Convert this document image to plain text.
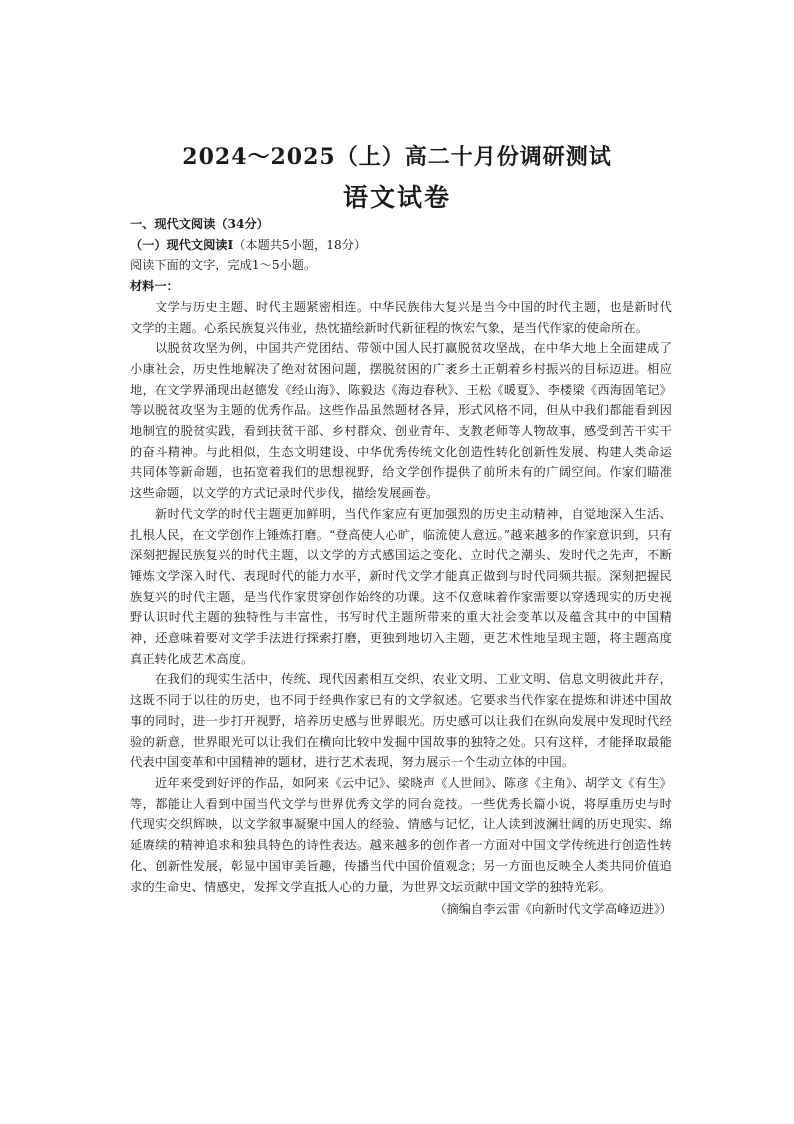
2024～2025（上）高二十月份调研测试
语文试卷

一、现代文阅读（34分）

（一）现代文阅读Ⅰ（本题共5小题，18分）

阅读下面的文字，完成1～5小题。

材料一：

文学与历史主题、时代主题紧密相连。中华民族伟大复兴是当今中国的时代主题，也是新时代文学的主题。心系民族复兴伟业，热忱描绘新时代新征程的恢宏气象，是当代作家的使命所在。

以脱贫攻坚为例，中国共产党团结、带领中国人民打赢脱贫攻坚战，在中华大地上全面建成了小康社会，历史性地解决了绝对贫困问题，摆脱贫困的广袤乡土正朝着乡村振兴的目标迈进。相应地，在文学界涌现出赵德发《经山海》、陈毅达《海边春秋》、王松《暖夏》、李楼梁《西海固笔记》等以脱贫攻坚为主题的优秀作品。这些作品虽然题材各异，形式风格不同，但从中我们都能看到因地制宜的脱贫实践，看到扶贫干部、乡村群众、创业青年、支教老师等人物故事，感受到苦干实干的奋斗精神。与此相似，生态文明建设、中华优秀传统文化创造性转化创新性发展、构建人类命运共同体等新命题，也拓宽着我们的思想视野，给文学创作提供了前所未有的广阔空间。作家们瞄准这些命题，以文学的方式记录时代步伐，描绘发展画卷。

新时代文学的时代主题更加鲜明，当代作家应有更加强烈的历史主动精神，自觉地深入生活、扎根人民，在文学创作上锤炼打磨。“登高使人心旷，临流使人意远。”越来越多的作家意识到，只有深刻把握民族复兴的时代主题，以文学的方式感国运之变化、立时代之潮头、发时代之先声，不断锤炼文学深入时代、表现时代的能力水平，新时代文学才能真正做到与时代同频共振。深刻把握民族复兴的时代主题，是当代作家贯穿创作始终的功课。这不仅意味着作家需要以穿透现实的历史视野认识时代主题的独特性与丰富性，书写时代主题所带来的重大社会变革以及蕴含其中的中国精神，还意味着要对文学手法进行探索打磨，更独到地切入主题，更艺术性地呈现主题，将主题高度真正转化成艺术高度。

在我们的现实生活中，传统、现代因素相互交织，农业文明、工业文明、信息文明彼此并存，这既不同于以往的历史，也不同于经典作家已有的文学叙述。它要求当代作家在提炼和讲述中国故事的同时，进一步打开视野，培养历史感与世界眼光。历史感可以让我们在纵向发展中发现时代经验的新意，世界眼光可以让我们在横向比较中发掘中国故事的独特之处。只有这样，才能择取最能代表中国变革和中国精神的题材，进行艺术表现，努力展示一个生动立体的中国。

近年来受到好评的作品，如阿来《云中记》、梁晓声《人世间》、陈彦《主角》、胡学文《有生》等，都能让人看到中国当代文学与世界优秀文学的同台竞技。一些优秀长篇小说，将厚重历史与时代现实交织辉映，以文学叙事凝聚中国人的经验、情感与记忆，让人读到波澜壮阔的历史现实、绵延赓续的精神追求和独具特色的诗性表达。越来越多的创作者一方面对中国文学传统进行创造性转化、创新性发展，彰显中国审美旨趣，传播当代中国价值观念；另一方面也反映全人类共同价值追求的生命史、情感史，发挥文学直抵人心的力量，为世界文坛贡献中国文学的独特光彩。

（摘编自李云雷《向新时代文学高峰迈进》）
